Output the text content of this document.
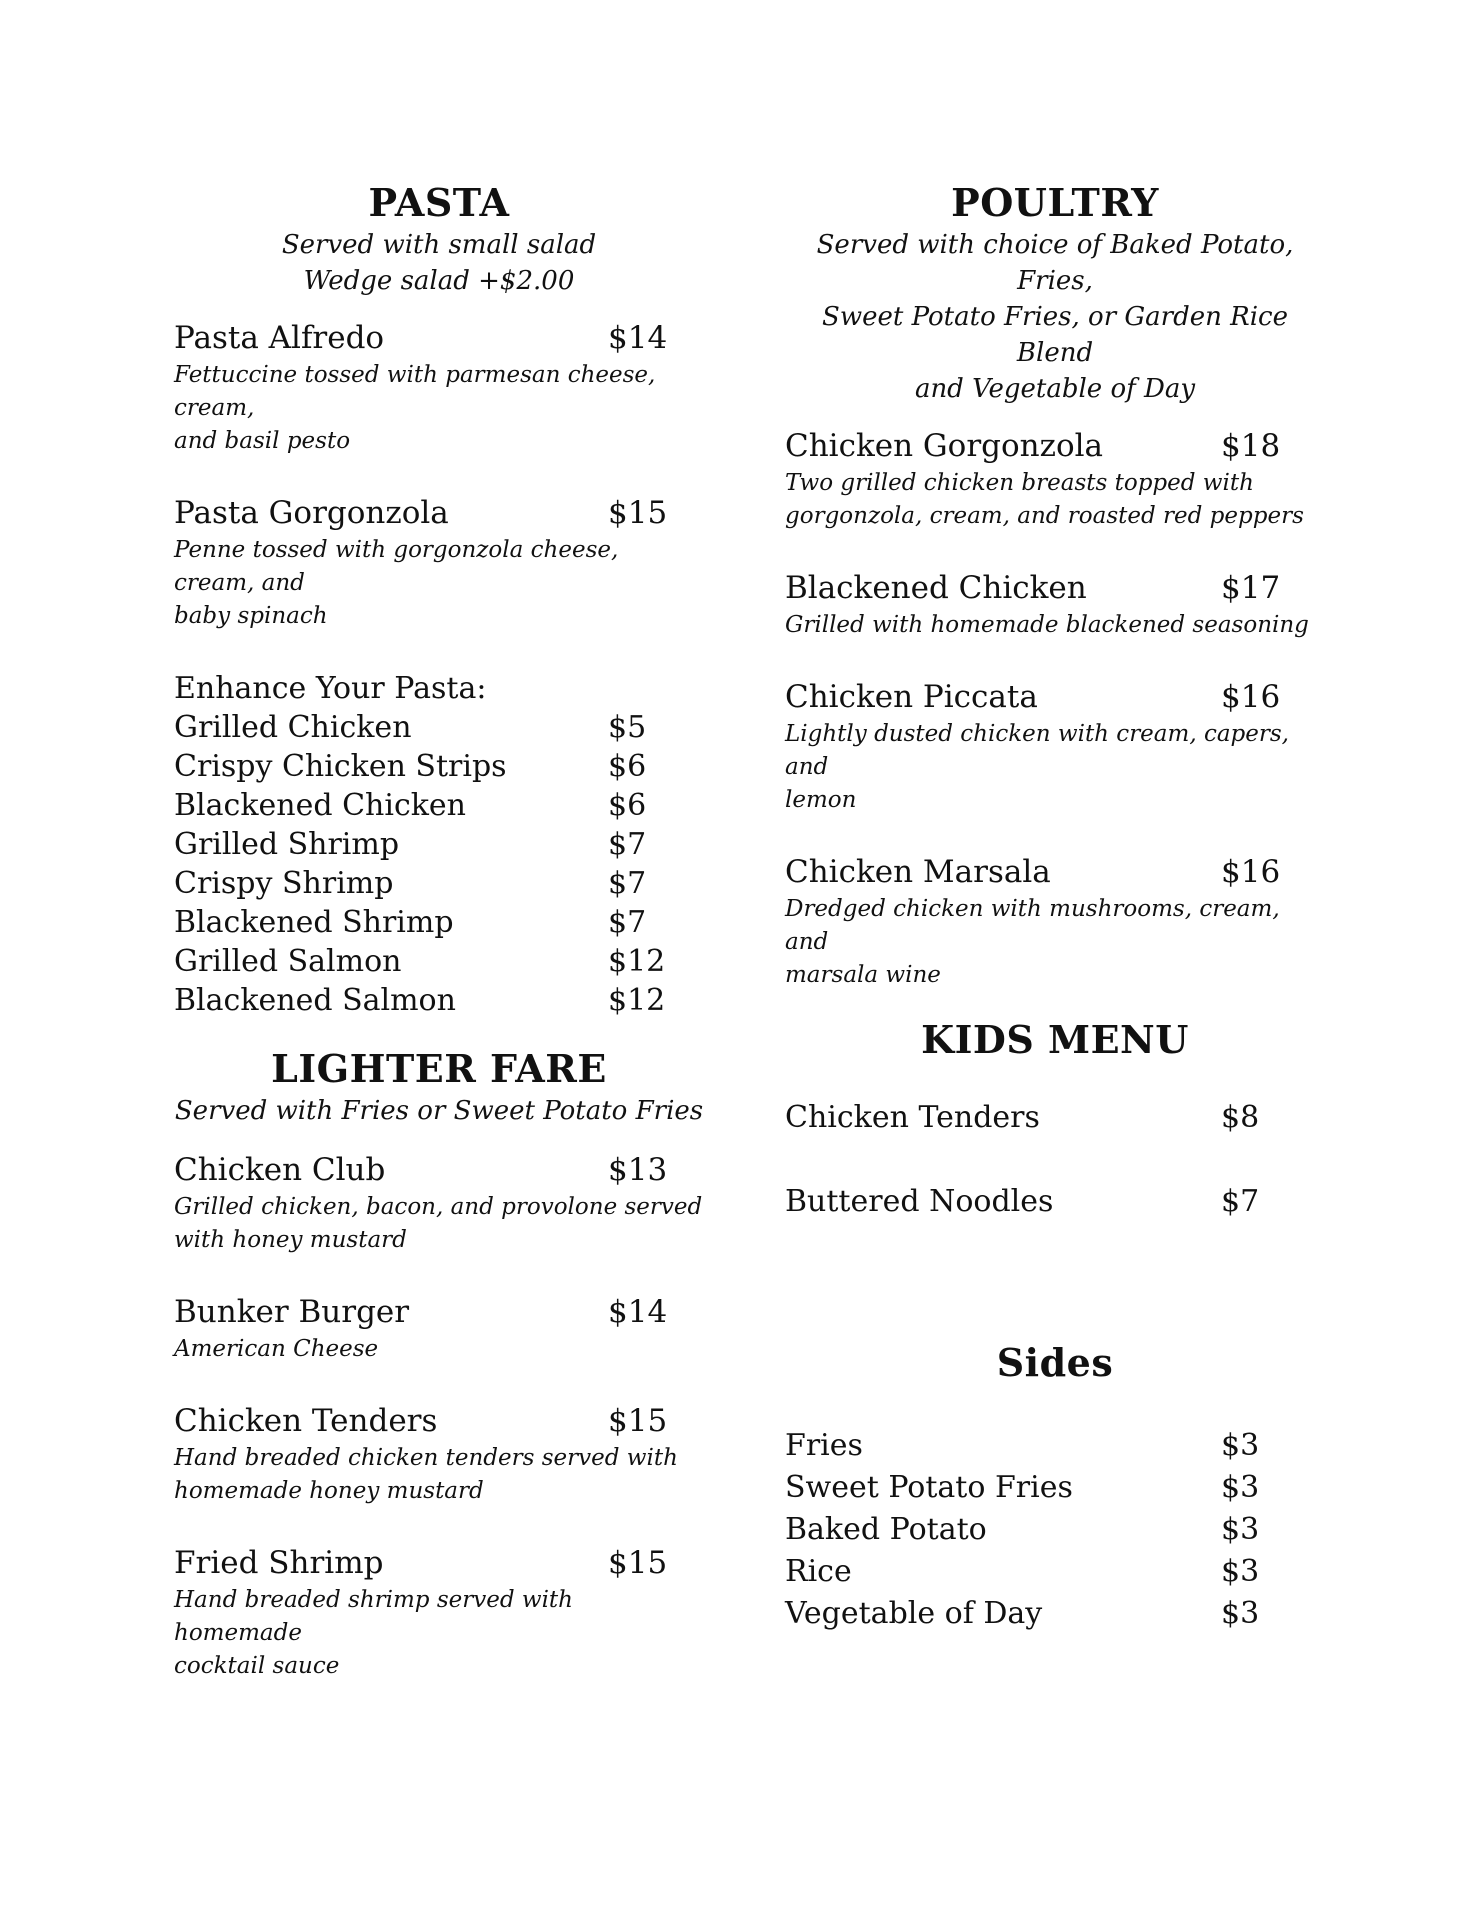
PASTA

Served with small salad

Wedge salad +$2.00

Pasta Alfredo	$14

Fettuccine tossed with parmesan cheese, cream,

and basil pesto

Pasta Gorgonzola	$15

Penne tossed with gorgonzola cheese, cream, and

baby spinach

Enhance Your Pasta:
Grilled Chicken	$5
Crispy Chicken Strips	$6
Blackened Chicken	$6
Grilled Shrimp	$7
Crispy Shrimp	$7
Blackened Shrimp	$7
Grilled Salmon	$12
Blackened Salmon	$12
LIGHTER FARE

Served with Fries or Sweet Potato Fries

Chicken Club	$13

Grilled chicken, bacon, and provolone served

with honey mustard

Bunker Burger	$14

American Cheese

Chicken Tenders	$15

Hand breaded chicken tenders served with

homemade honey mustard

Fried Shrimp	$15

Hand breaded shrimp served with homemade

cocktail sauce

POULTRY

Served with choice of Baked Potato, Fries,

Sweet Potato Fries, or Garden Rice Blend

and Vegetable of Day

Chicken Gorgonzola	$18

Two grilled chicken breasts topped with

gorgonzola, cream, and roasted red peppers

Blackened Chicken	$17

Grilled with homemade blackened seasoning

Chicken Piccata	$16

Lightly dusted chicken with cream, capers, and

lemon

Chicken Marsala	$16

Dredged chicken with mushrooms, cream, and

marsala wine

KIDS MENU
Chicken Tenders	$8
Buttered Noodles	$7
Sides
Fries	$3
Sweet Potato Fries	$3
Baked Potato	$3
Rice	$3
Vegetable of Day	$3
